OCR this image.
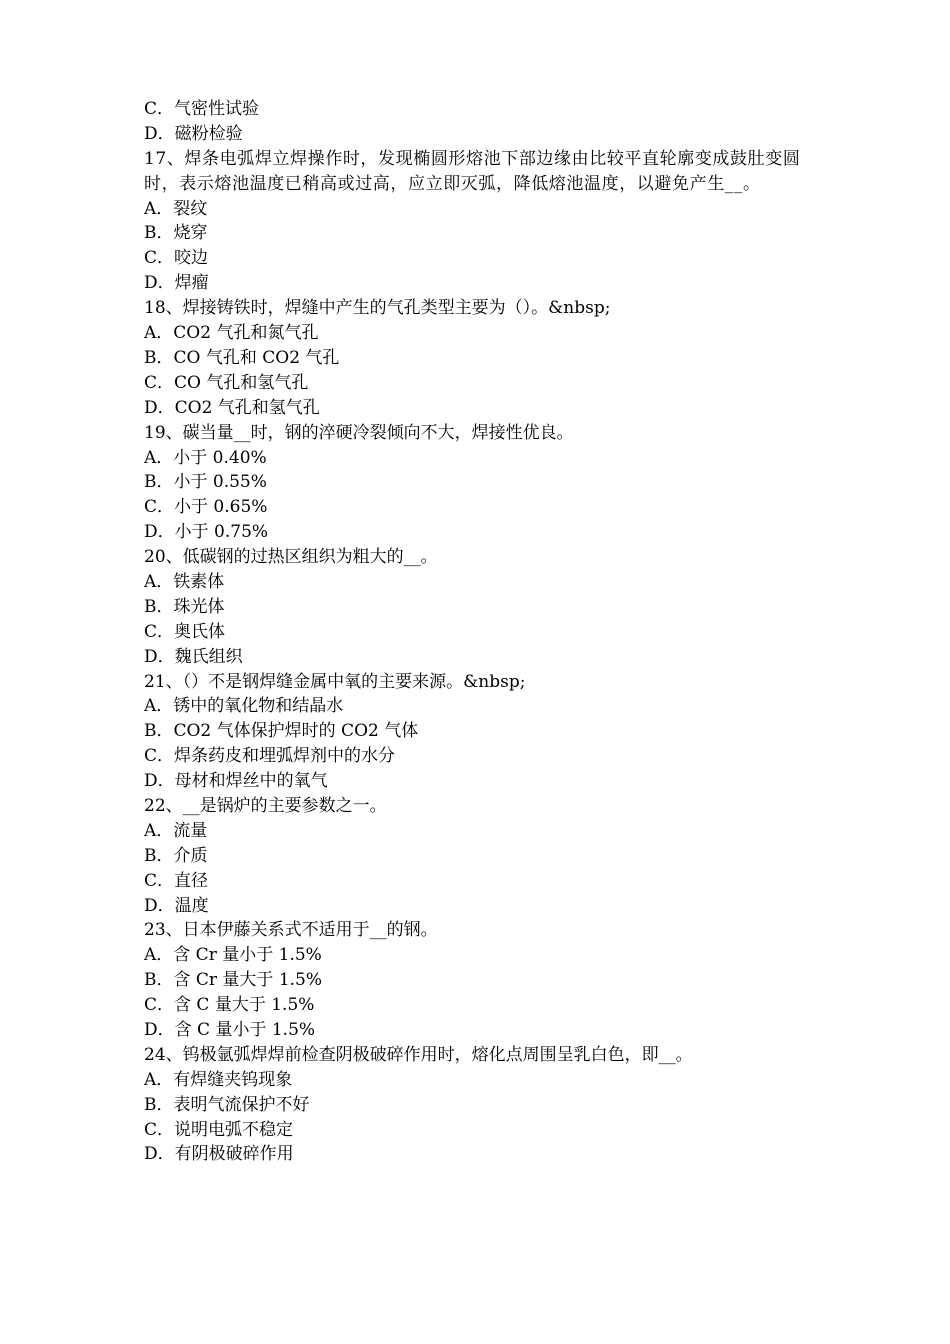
C．气密性试验
D．磁粉检验
17、焊条电弧焊立焊操作时，发现椭圆形熔池下部边缘由比较平直轮廓变成鼓肚变圆时，表示熔池温度已稍高或过高，应立即灭弧，降低熔池温度，以避免产生__。
A．裂纹
B．烧穿
C．咬边
D．焊瘤
18、焊接铸铁时，焊缝中产生的气孔类型主要为（）。&nbsp;
A．CO2 气孔和氮气孔
B．CO 气孔和 CO2 气孔
C．CO 气孔和氢气孔
D．CO2 气孔和氢气孔
19、碳当量__时，钢的淬硬冷裂倾向不大，焊接性优良。
A．小于 0.40%
B．小于 0.55%
C．小于 0.65%
D．小于 0.75%
20、低碳钢的过热区组织为粗大的__。
A．铁素体
B．珠光体
C．奥氏体
D．魏氏组织
21、（）不是钢焊缝金属中氧的主要来源。&nbsp;
A．锈中的氧化物和结晶水
B．CO2 气体保护焊时的 CO2 气体
C．焊条药皮和埋弧焊剂中的水分
D．母材和焊丝中的氧气
22、__是锅炉的主要参数之一。
A．流量
B．介质
C．直径
D．温度
23、日本伊藤关系式不适用于__的钢。
A．含 Cr 量小于 1.5%
B．含 Cr 量大于 1.5%
C．含 C 量大于 1.5%
D．含 C 量小于 1.5%
24、钨极氩弧焊焊前检查阴极破碎作用时，熔化点周围呈乳白色，即__。
A．有焊缝夹钨现象
B．表明气流保护不好
C．说明电弧不稳定
D．有阴极破碎作用
